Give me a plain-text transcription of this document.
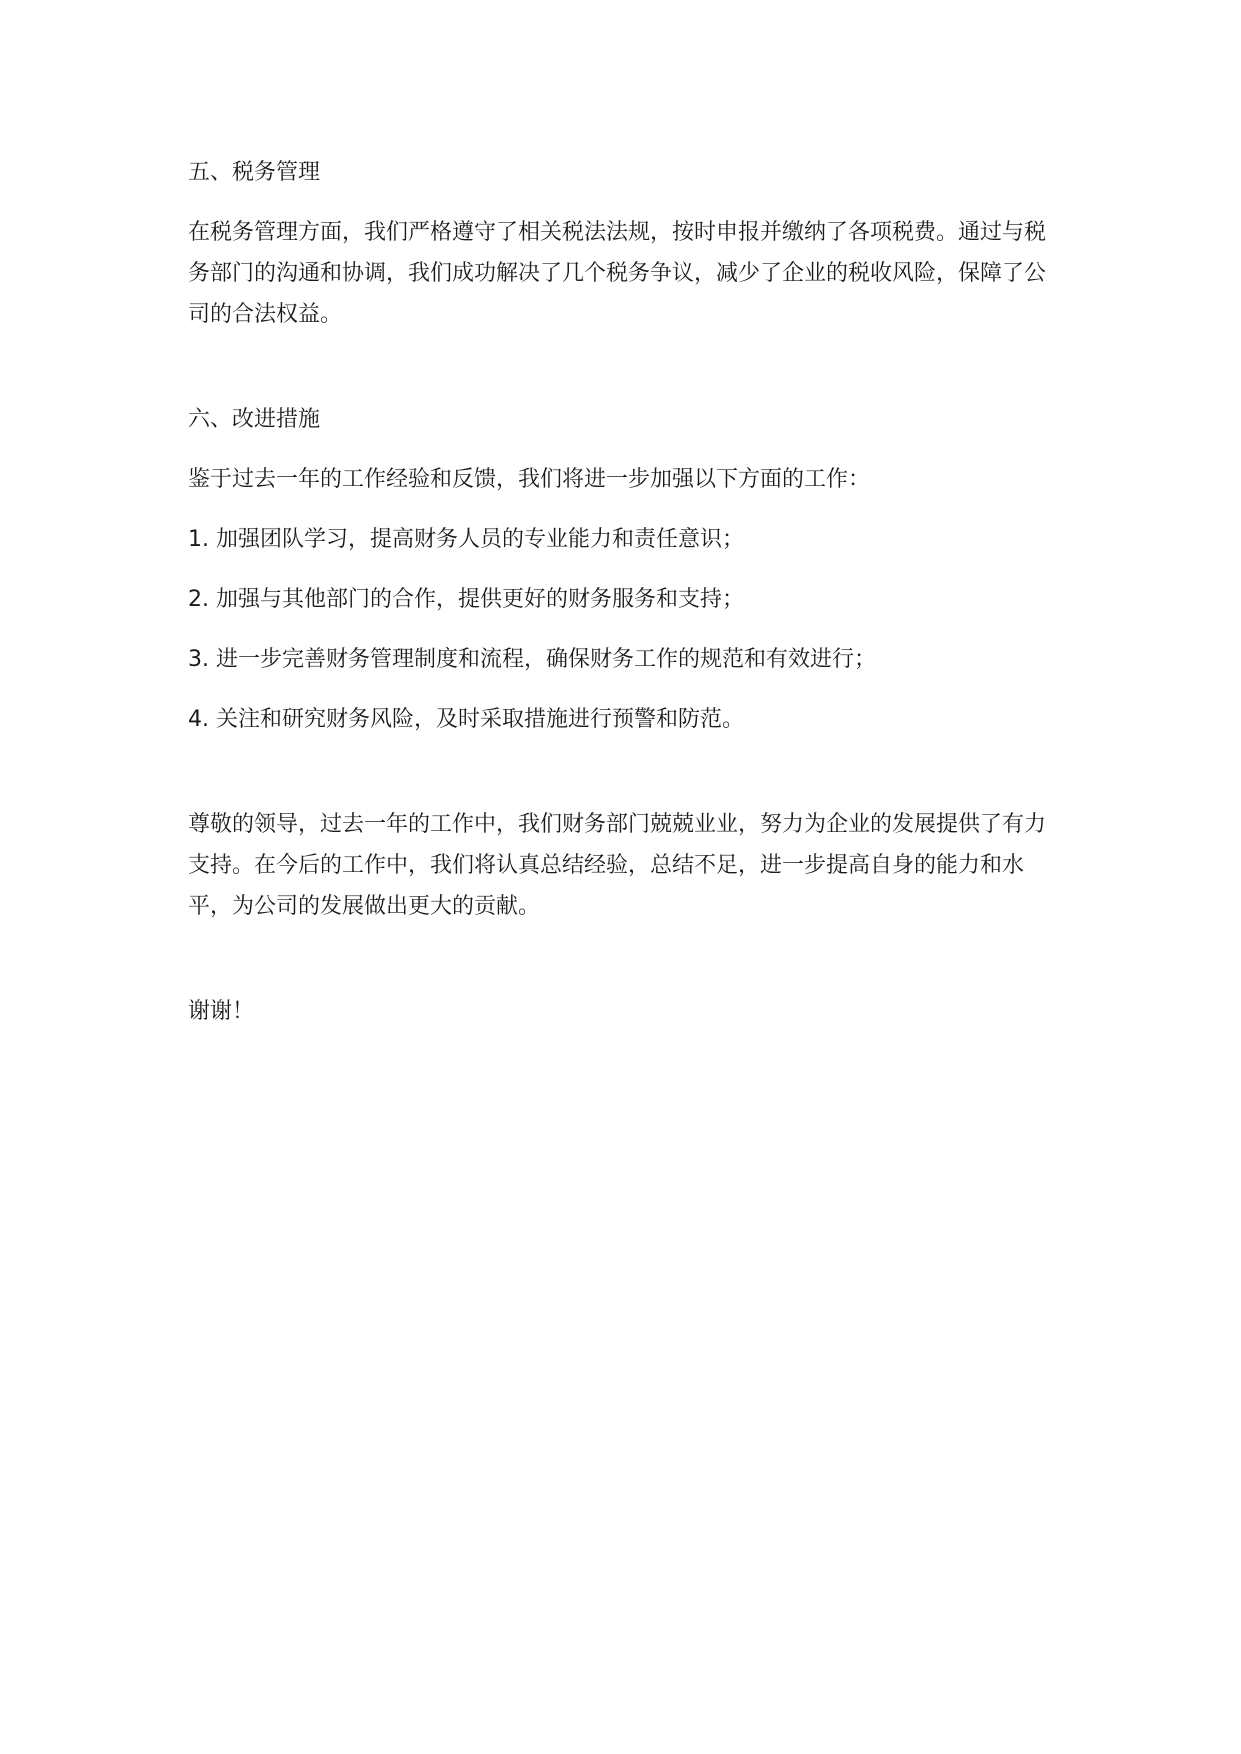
五、税务管理

在税务管理方面，我们严格遵守了相关税法法规，按时申报并缴纳了各项税费。通过与税务部门的沟通和协调，我们成功解决了几个税务争议，减少了企业的税收风险，保障了公司的合法权益。

六、改进措施

鉴于过去一年的工作经验和反馈，我们将进一步加强以下方面的工作：

1. 加强团队学习，提高财务人员的专业能力和责任意识；

2. 加强与其他部门的合作，提供更好的财务服务和支持；

3. 进一步完善财务管理制度和流程，确保财务工作的规范和有效进行；

4. 关注和研究财务风险，及时采取措施进行预警和防范。

尊敬的领导，过去一年的工作中，我们财务部门兢兢业业，努力为企业的发展提供了有力支持。在今后的工作中，我们将认真总结经验，总结不足，进一步提高自身的能力和水平，为公司的发展做出更大的贡献。

谢谢！
